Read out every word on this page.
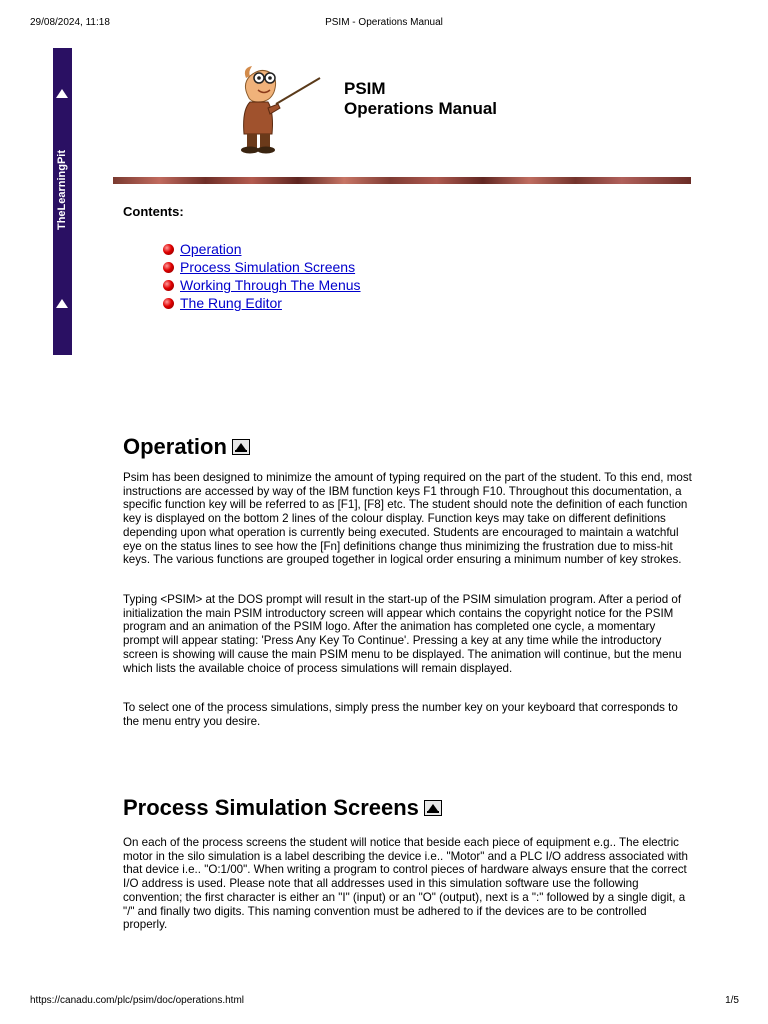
29/08/2024, 11:18	PSIM - Operations Manual
TheLearningPit
PSIM
Operations Manual
Contents:
Operation
Process Simulation Screens
Working Through The Menus
The Rung Editor
Operation

Psim has been designed to minimize the amount of typing required on the part of the student. To this end, most instructions are accessed by way of the IBM function keys F1 through F10. Throughout this documentation, a specific function key will be referred to as [F1], [F8] etc. The student should note the definition of each function key is displayed on the bottom 2 lines of the colour display. Function keys may take on different definitions depending upon what operation is currently being executed. Students are encouraged to maintain a watchful eye on the status lines to see how the [Fn] definitions change thus minimizing the frustration due to miss-hit keys. The various functions are grouped together in logical order ensuring a minimum number of key strokes.

Typing <PSIM> at the DOS prompt will result in the start-up of the PSIM simulation program. After a period of initialization the main PSIM introductory screen will appear which contains the copyright notice for the PSIM program and an animation of the PSIM logo. After the animation has completed one cycle, a momentary prompt will appear stating: 'Press Any Key To Continue'. Pressing a key at any time while the introductory screen is showing will cause the main PSIM menu to be displayed. The animation will continue, but the menu which lists the available choice of process simulations will remain displayed.

To select one of the process simulations, simply press the number key on your keyboard that corresponds to the menu entry you desire.

Process Simulation Screens

On each of the process screens the student will notice that beside each piece of equipment e.g.. The electric motor in the silo simulation is a label describing the device i.e.. "Motor" and a PLC I/O address associated with that device i.e.. "O:1/00". When writing a program to control pieces of hardware always ensure that the correct I/O address is used. Please note that all addresses used in this simulation software use the following convention; the first character is either an "I" (input) or an "O" (output), next is a ":" followed by a single digit, a "/" and finally two digits. This naming convention must be adhered to if the devices are to be controlled properly.

https://canadu.com/plc/psim/doc/operations.html	1/5
